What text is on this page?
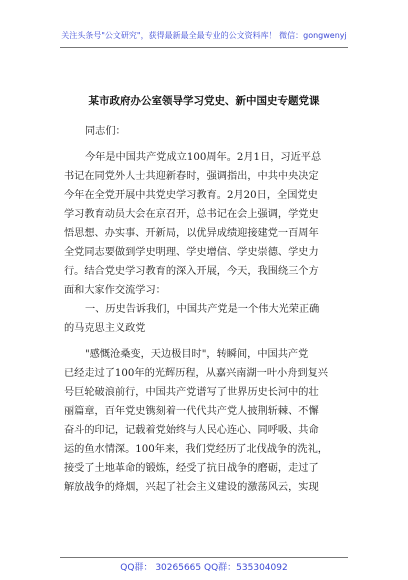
关注头条号"公文研究"，获得最新最全最专业的公文资料库！ 微信：gongwenyj
某市政府办公室领导学习党史、新中国史专题党课
同志们：
今年是中国共产党成立100周年。2月1日，习近平总
书记在同党外人士共迎新春时，强调指出，中共中央决定
今年在全党开展中共党史学习教育。2月20日，全国党史
学习教育动员大会在京召开，总书记在会上强调，学党史
悟思想、办实事、开新局，以优异成绩迎接建党一百周年
全党同志要做到学史明理、学史增信、学史崇德、学史力
行。结合党史学习教育的深入开展，今天，我围绕三个方
面和大家作交流学习：
一、历史告诉我们，中国共产党是一个伟大光荣正确
的马克思主义政党
"感慨沧桑变，天边极目时"，转瞬间，中国共产党
已经走过了100年的光辉历程，从嘉兴南湖一叶小舟到复兴
号巨轮破浪前行，中国共产党谱写了世界历史长河中的壮
丽篇章，百年党史镌刻着一代代共产党人披荆斩棘、不懈
奋斗的印记，记载着党始终与人民心连心、同呼吸、共命
运的鱼水情深。100年来，我们党经历了北伐战争的洗礼，
接受了土地革命的锻炼，经受了抗日战争的磨砺，走过了
解放战争的烽烟，兴起了社会主义建设的激荡风云，实现
QQ群： 30265665 QQ群：535304092
